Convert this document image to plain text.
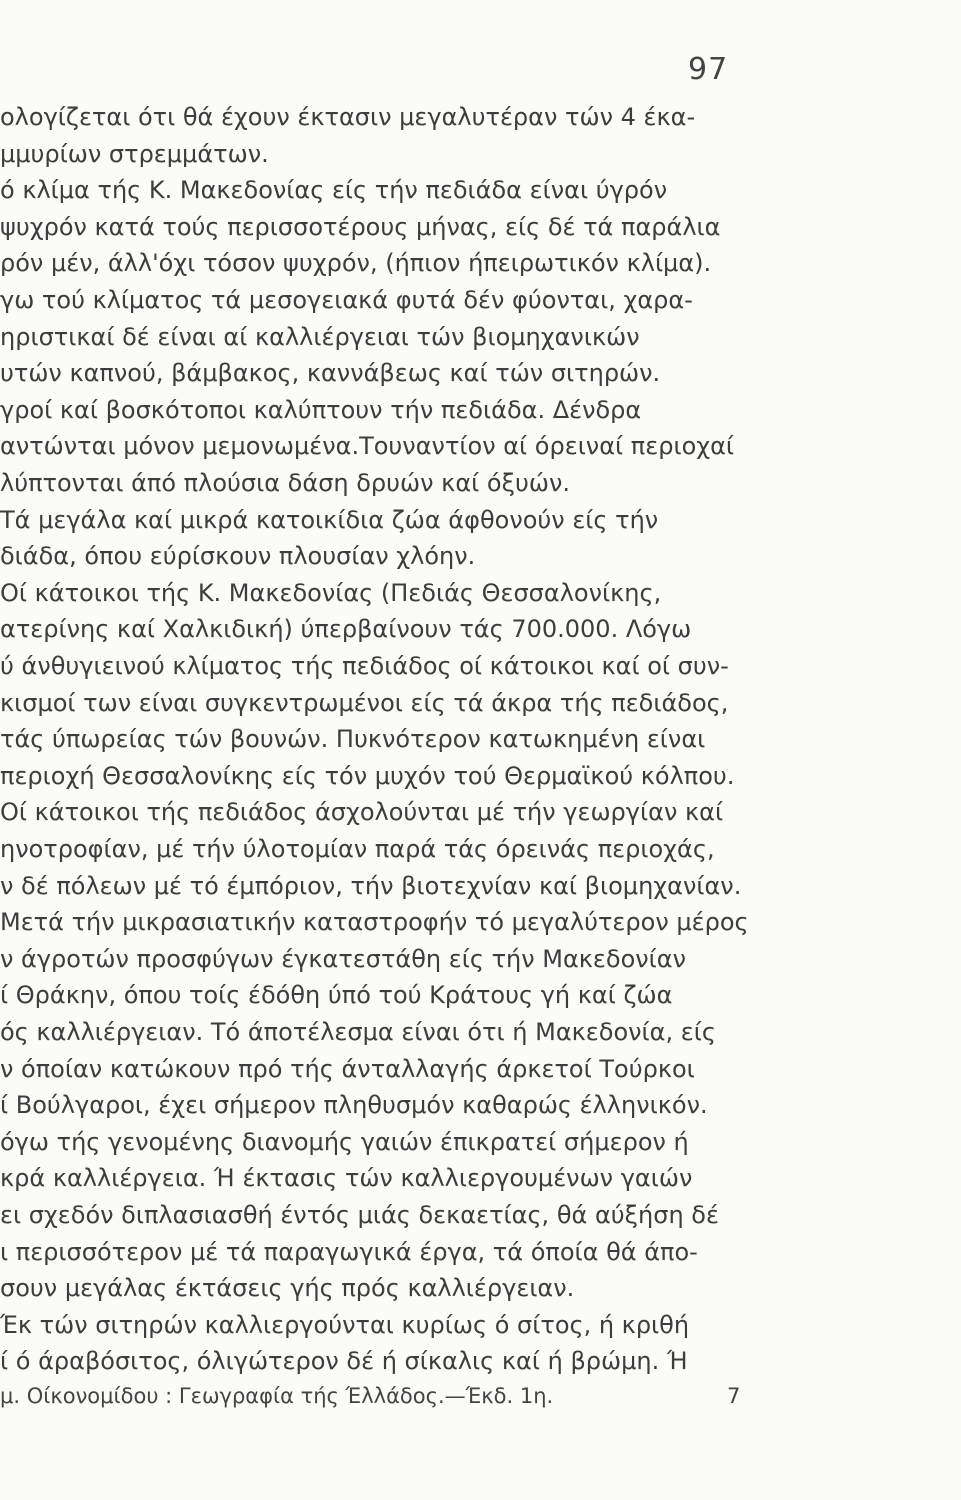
97
ολογίζεται ότι θά έχουν έκτασιν μεγαλυτέραν τών 4 έκα-
μμυρίων στρεμμάτων.
ό κλίμα τής Κ. Μακεδονίας είς τήν πεδιάδα είναι ύγρόν
ψυχρόν κατά τούς περισσοτέρους μήνας, είς δέ τά παράλια
ρόν μέν, άλλ'όχι τόσον ψυχρόν, (ήπιον ήπειρωτικόν κλίμα).
γω τού κλίματος τά μεσογειακά φυτά δέν φύονται, χαρα-
ηριστικαί δέ είναι αί καλλιέργειαι τών βιομηχανικών
υτών καπνού, βάμβακος, καννάβεως καί τών σιτηρών.
γροί καί βοσκότοποι καλύπτουν τήν πεδιάδα. Δένδρα
αντώνται μόνον μεμονωμένα.Τουναντίον αί όρειναί περιοχαί
λύπτονται άπό πλούσια δάση δρυών καί όξυών.
Τά μεγάλα καί μικρά κατοικίδια ζώα άφθονούν είς τήν
διάδα, όπου εύρίσκουν πλουσίαν χλόην.
Οί κάτοικοι τής Κ. Μακεδονίας (Πεδιάς Θεσσαλονίκης,
ατερίνης καί Χαλκιδική) ύπερβαίνουν τάς 700.000. Λόγω
ύ άνθυγιεινού κλίματος τής πεδιάδος οί κάτοικοι καί οί συν-
κισμοί των είναι συγκεντρωμένοι είς τά άκρα τής πεδιάδος,
τάς ύπωρείας τών βουνών. Πυκνότερον κατωκημένη είναι
περιοχή Θεσσαλονίκης είς τόν μυχόν τού Θερμαϊκού κόλπου.
Οί κάτοικοι τής πεδιάδος άσχολούνται μέ τήν γεωργίαν καί
ηνοτροφίαν, μέ τήν ύλοτομίαν παρά τάς όρεινάς περιοχάς,
ν δέ πόλεων μέ τό έμπόριον, τήν βιοτεχνίαν καί βιομηχανίαν.
Μετά τήν μικρασιατικήν καταστροφήν τό μεγαλύτερον μέρος
ν άγροτών προσφύγων έγκατεστάθη είς τήν Μακεδονίαν
ί Θράκην, όπου τοίς έδόθη ύπό τού Κράτους γή καί ζώα
ός καλλιέργειαν. Τό άποτέλεσμα είναι ότι ή Μακεδονία, είς
ν όποίαν κατώκουν πρό τής άνταλλαγής άρκετοί Τούρκοι
ί Βούλγαροι, έχει σήμερον πληθυσμόν καθαρώς έλληνικόν.
όγω τής γενομένης διανομής γαιών έπικρατεί σήμερον ή
κρά καλλιέργεια. Ή έκτασις τών καλλιεργουμένων γαιών
ει σχεδόν διπλασιασθή έντός μιάς δεκαετίας, θά αύξήση δέ
ι περισσότερον μέ τά παραγωγικά έργα, τά όποία θά άπο-
σουν μεγάλας έκτάσεις γής πρός καλλιέργειαν.
Έκ τών σιτηρών καλλιεργούνται κυρίως ό σίτος, ή κριθή
ί ό άραβόσιτος, όλιγώτερον δέ ή σίκαλις καί ή βρώμη. Ή
μ. Οίκονομίδου : Γεωγραφία τής Έλλάδος.—Έκδ. 1η.	7
